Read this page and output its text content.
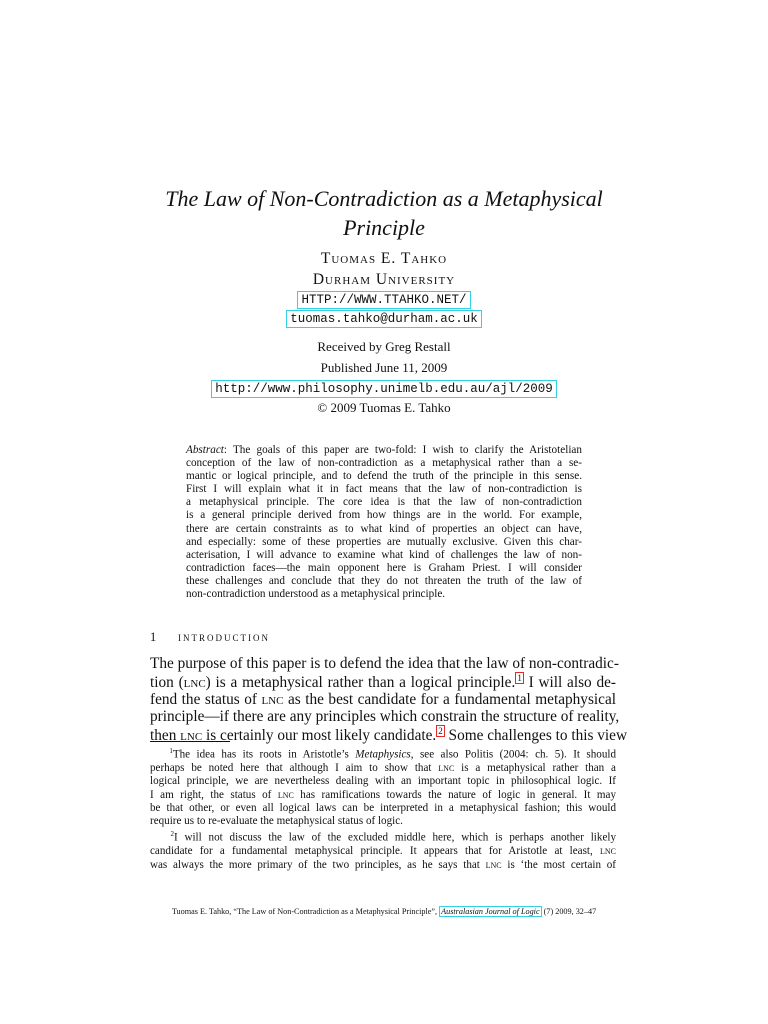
The Law of Non-Contradiction as a Metaphysical
Principle
Tuomas E. Tahko
Durham University
HTTP://WWW.TTAHKO.NET/
tuomas.tahko@durham.ac.uk
Received by Greg Restall
Published June 11, 2009
http://www.philosophy.unimelb.edu.au/ajl/2009
© 2009 Tuomas E. Tahko
Abstract: The goals of this paper are two-fold: I wish to clarify the Aristotelian
conception of the law of non-contradiction as a metaphysical rather than a se-
mantic or logical principle, and to defend the truth of the principle in this sense.
First I will explain what it in fact means that the law of non-contradiction is
a metaphysical principle. The core idea is that the law of non-contradiction
is a general principle derived from how things are in the world. For example,
there are certain constraints as to what kind of properties an object can have,
and especially: some of these properties are mutually exclusive. Given this char-
acterisation, I will advance to examine what kind of challenges the law of non-
contradiction faces—the main opponent here is Graham Priest. I will consider
these challenges and conclude that they do not threaten the truth of the law of
non-contradiction understood as a metaphysical principle.
1 introduction
The purpose of this paper is to defend the idea that the law of non-contradic-
tion (lnc) is a metaphysical rather than a logical principle. 1 I will also de-
fend the status of lnc as the best candidate for a fundamental metaphysical
principle—if there are any principles which constrain the structure of reality,
then lnc is certainly our most likely candidate. 2 Some challenges to this view
$^1$The idea has its roots in Aristotle’s Metaphysics, see also Politis (2004: ch. 5). It should
perhaps be noted here that although I aim to show that lnc is a metaphysical rather than a
logical principle, we are nevertheless dealing with an important topic in philosophical logic. If
I am right, the status of lnc has ramifications towards the nature of logic in general. It may
be that other, or even all logical laws can be interpreted in a metaphysical fashion; this would
require us to re-evaluate the metaphysical status of logic.
$^2$I will not discuss the law of the excluded middle here, which is perhaps another likely
candidate for a fundamental metaphysical principle. It appears that for Aristotle at least, lnc
was always the more primary of the two principles, as he says that lnc is ‘the most certain of
Tuomas E. Tahko, “The Law of Non-Contradiction as a Metaphysical Principle”, Australasian Journal of Logic (7) 2009, 32–47
